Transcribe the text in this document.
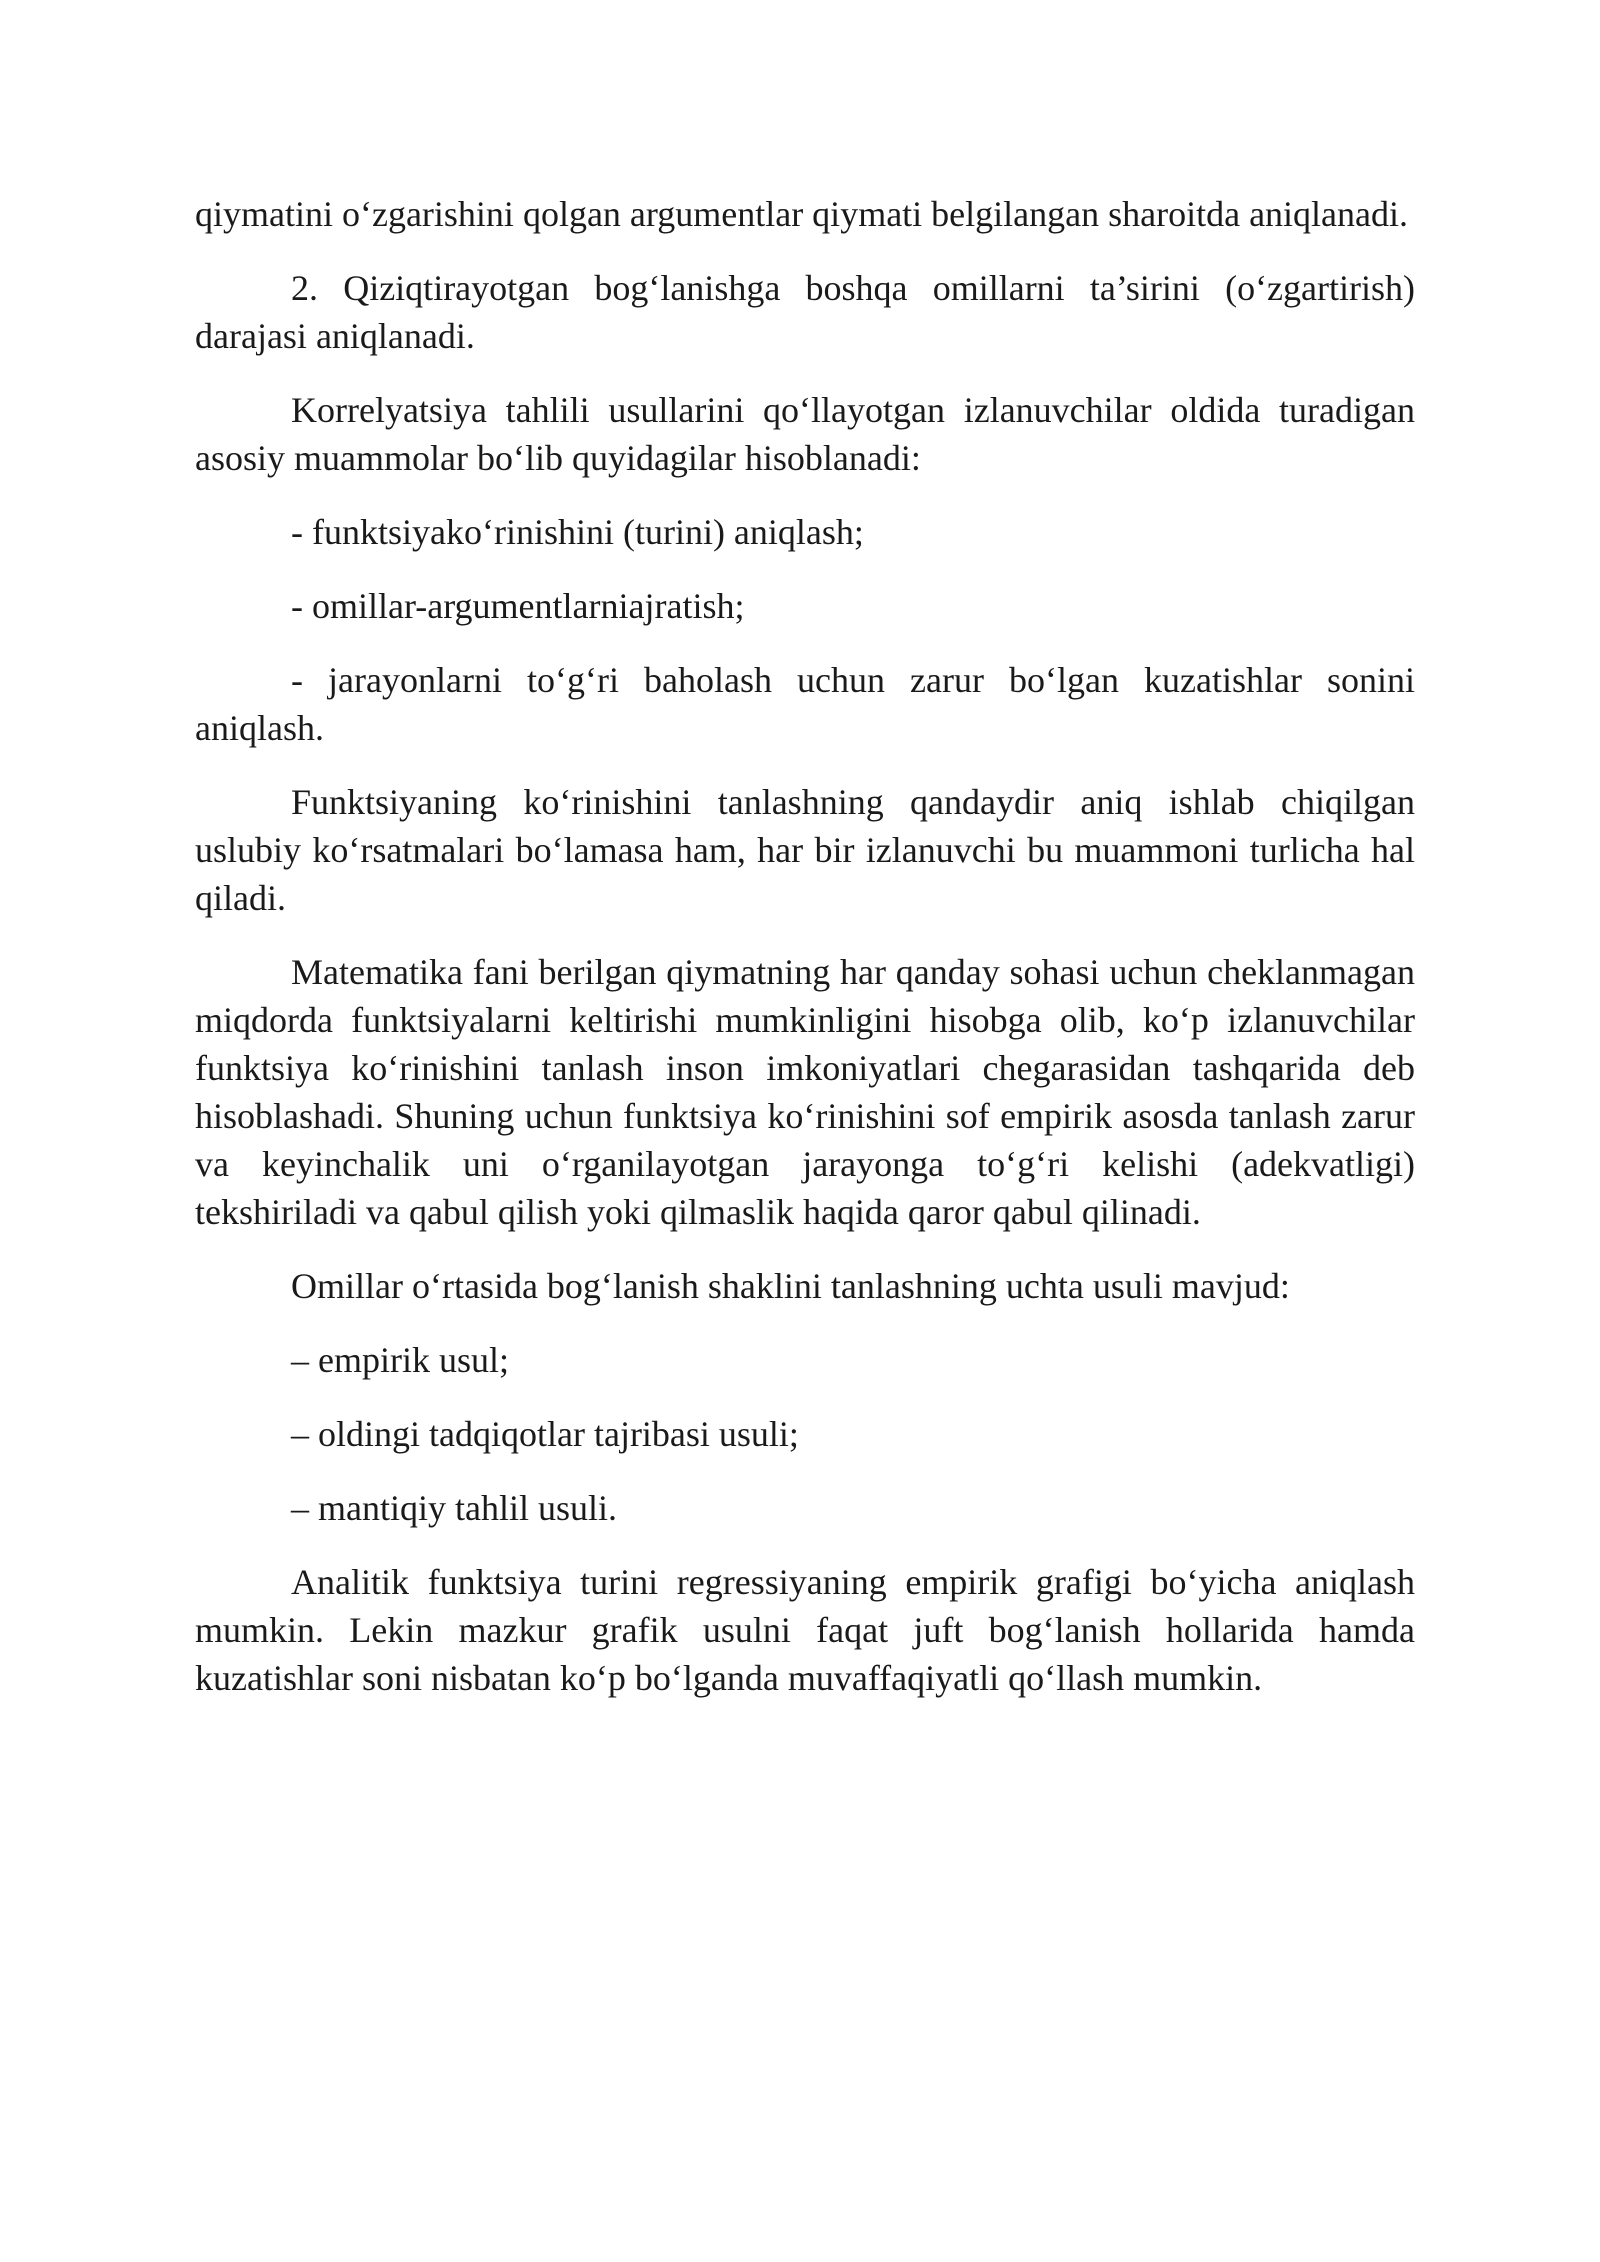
qiymatini o‘zgarishini qolgan argumentlar qiymati belgilangan sharoitda aniqlanadi.

2. Qiziqtirayotgan bog‘lanishga boshqa omillarni ta’sirini (o‘zgartirish) darajasi aniqlanadi.

Korrelyatsiya tahlili usullarini qo‘llayotgan izlanuvchilar oldida turadigan asosiy muammolar bo‘lib quyidagilar hisoblanadi:

- funktsiyako‘rinishini (turini) aniqlash;

- omillar-argumentlarniajratish;

- jarayonlarni to‘g‘ri baholash uchun zarur bo‘lgan kuzatishlar sonini aniqlash.

Funktsiyaning ko‘rinishini tanlashning qandaydir aniq ishlab chiqilgan uslubiy ko‘rsatmalari bo‘lamasa ham, har bir izlanuvchi bu muammoni turlicha hal qiladi.

Matematika fani berilgan qiymatning har qanday sohasi uchun cheklanmagan miqdorda funktsiyalarni keltirishi mumkinligini hisobga olib, ko‘p izlanuvchilar funktsiya ko‘rinishini tanlash inson imkoniyatlari chegarasidan tashqarida deb hisoblashadi. Shuning uchun funktsiya ko‘rinishini sof empirik asosda tanlash zarur va keyinchalik uni o‘rganilayotgan jarayonga to‘g‘ri kelishi (adekvatligi) tekshiriladi va qabul qilish yoki qilmaslik haqida qaror qabul qilinadi.

Omillar o‘rtasida bog‘lanish shaklini tanlashning uchta usuli mavjud:

– empirik usul;

– oldingi tadqiqotlar tajribasi usuli;

– mantiqiy tahlil usuli.

Analitik funktsiya turini regressiyaning empirik grafigi bo‘yicha aniqlash mumkin. Lekin mazkur grafik usulni faqat juft bog‘lanish hollarida hamda kuzatishlar soni nisbatan ko‘p bo‘lganda muvaffaqiyatli qo‘llash mumkin.
